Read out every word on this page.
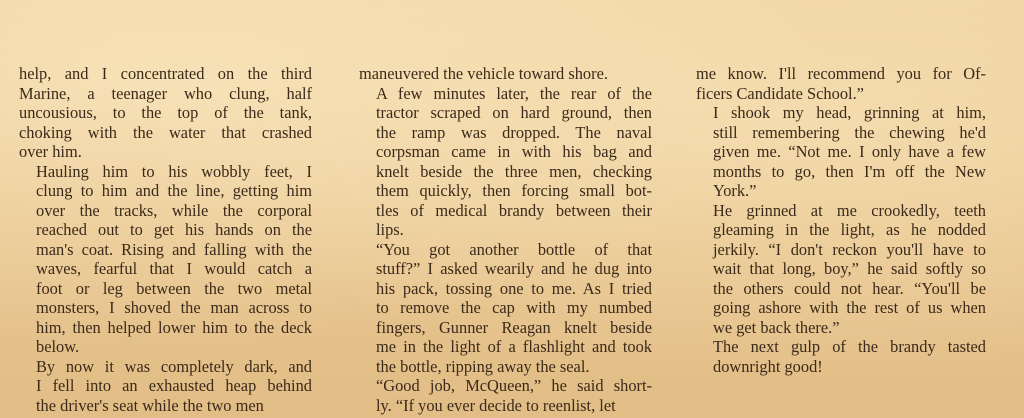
help, and I concentrated on the third
Marine, a teenager who clung, half
uncousious, to the top of the tank,
choking with the water that crashed
over him.
Hauling him to his wobbly feet, I
clung to him and the line, getting him
over the tracks, while the corporal
reached out to get his hands on the
man's coat. Rising and falling with the
waves, fearful that I would catch a
foot or leg between the two metal
monsters, I shoved the man across to
him, then helped lower him to the deck
below.
By now it was completely dark, and
I fell into an exhausted heap behind
the driver's seat while the two men
maneuvered the vehicle toward shore.
A few minutes later, the rear of the
tractor scraped on hard ground, then
the ramp was dropped. The naval
corpsman came in with his bag and
knelt beside the three men, checking
them quickly, then forcing small bot-
tles of medical brandy between their
lips.
“You got another bottle of that
stuff?” I asked wearily and he dug into
his pack, tossing one to me. As I tried
to remove the cap with my numbed
fingers, Gunner Reagan knelt beside
me in the light of a flashlight and took
the bottle, ripping away the seal.
“Good job, McQueen,” he said short-
ly. “If you ever decide to reenlist, let
me know. I'll recommend you for Of-
ficers Candidate School.”
I shook my head, grinning at him,
still remembering the chewing he'd
given me. “Not me. I only have a few
months to go, then I'm off the New
York.”
He grinned at me crookedly, teeth
gleaming in the light, as he nodded
jerkily. “I don't reckon you'll have to
wait that long, boy,” he said softly so
the others could not hear. “You'll be
going ashore with the rest of us when
we get back there.”
The next gulp of the brandy tasted
downright good!
